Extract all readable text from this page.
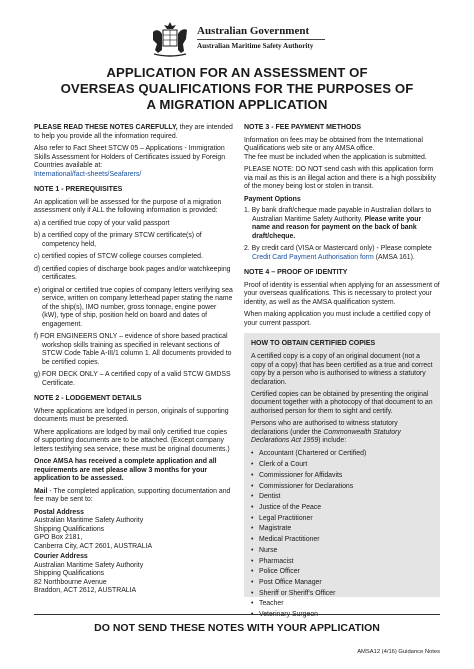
Australian Government
Australian Maritime Safety Authority
APPLICATION FOR AN ASSESSMENT OF
OVERSEAS QUALIFICATIONS FOR THE PURPOSES OF
A MIGRATION APPLICATION

PLEASE READ THESE NOTES CAREFULLY, they are intended to help you provide all the information required.

Also refer to Fact Sheet STCW 05 – Applications - Immigration Skills Assessment for Holders of Certificates issued by Foreign Countries available at:
International/fact-sheets/Seafarers/

NOTE 1 - PREREQUISITES

An application will be assessed for the purpose of a migration assessment only if ALL the following information is provided:

a) a certified true copy of your valid passport

b) a certified copy of the primary STCW certificate(s) of competency held,

c) certified copies of STCW college courses completed.

d) certified copies of discharge book pages and/or watchkeeping certificates.

e) original or certified true copies of company letters verifying sea service, written on company letterhead paper stating the name of the ship(s), IMO number, gross tonnage, engine power (kW), type of ship, position held on board and dates of engagement.

f) FOR ENGINEERS ONLY – evidence of shore based practical workshop skills training as specified in relevant sections of STCW Code Table A-III/1 column 1. All documents provided to be certified copies.

g) FOR DECK ONLY – A certified copy of a valid STCW GMDSS Certificate.

NOTE 2 - LODGEMENT DETAILS

Where applications are lodged in person, originals of supporting documents must be presented.

Where applications are lodged by mail only certified true copies of supporting documents are to be attached. (Except company letters testifying sea service, these must be original documents.)

Once AMSA has received a complete application and all requirements are met please allow 3 months for your application to be assessed.

Mail - The completed application, supporting documentation and fee may be sent to:

Postal Address
Australian Maritime Safety Authority
Shipping Qualifications
GPO Box 2181,
Canberra City, ACT 2601, AUSTRALIA
Courier Address
Australian Maritime Safety Authority
Shipping Qualifications
82 Northbourne Avenue
Braddon, ACT 2612, AUSTRALIA
NOTE 3 - FEE PAYMENT METHODS

Information on fees may be obtained from the International Qualifications web site or any AMSA office.
The fee must be included when the application is submitted.

PLEASE NOTE: DO NOT send cash with this application form via mail as this is an illegal action and there is a high possibility of the money being lost or stolen in transit.

Payment Options

1. By bank draft/cheque made payable in Australian dollars to Australian Maritime Safety Authority. Please write your name and reason for payment on the back of bank draft/cheque.

2. By credit card (VISA or Mastercard only) - Please complete Credit Card Payment Authorisation form (AMSA 161).

NOTE 4 – PROOF OF IDENTITY

Proof of identity is essential when applying for an assessment of your overseas qualifications. This is necessary to protect your identity, as well as the AMSA qualification system.

When making application you must include a certified copy of your current passport.

HOW TO OBTAIN CERTIFIED COPIES

A certified copy is a copy of an original document (not a copy of a copy) that has been certified as a true and correct copy by a person who is authorised to witness a statutory declaration.

Certified copies can be obtained by presenting the original document together with a photocopy of that document to an authorised person for them to sight and certify.

Persons who are authorised to witness statutory declarations (under the Commonwealth Statutory Declarations Act 1959) include:

• Accountant (Chartered or Certified)
• Clerk of a Court
• Commissioner for Affidavits
• Commissioner for Declarations
• Dentist
• Justice of the Peace
• Legal Practitioner
• Magistrate
• Medical Practitioner
• Nurse
• Pharmacist
• Police Officer
• Post Office Manager
• Sheriff or Sheriff's Officer
• Teacher
•
DO NOT SEND THESE NOTES WITH YOUR APPLICATION
AMSA12 (4/16) Guidance Notes
